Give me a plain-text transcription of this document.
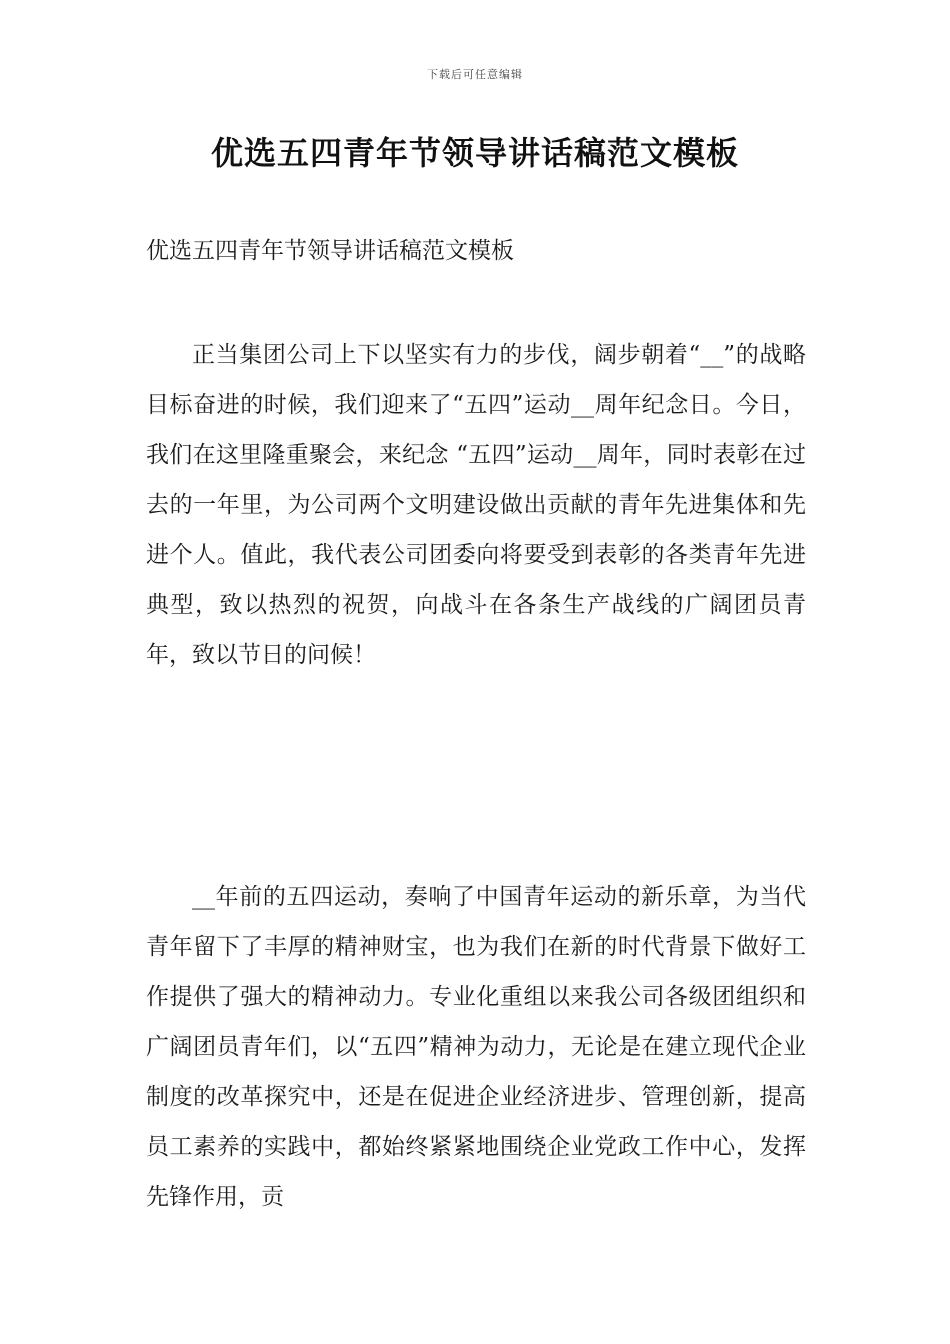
下载后可任意编辑
优选五四青年节领导讲话稿范文模板

优选五四青年节领导讲话稿范文模板

正当集团公司上下以坚实有力的步伐，阔步朝着“__”的战略目标奋进的时候，我们迎来了“五四”运动__周年纪念日。今日，我们在这里隆重聚会，来纪念 “五四”运动__周年，同时表彰在过去的一年里，为公司两个文明建设做出贡献的青年先进集体和先进个人。值此，我代表公司团委向将要受到表彰的各类青年先进典型，致以热烈的祝贺，向战斗在各条生产战线的广阔团员青年，致以节日的问候！

__年前的五四运动，奏响了中国青年运动的新乐章，为当代青年留下了丰厚的精神财宝，也为我们在新的时代背景下做好工作提供了强大的精神动力。专业化重组以来我公司各级团组织和广阔团员青年们，以“五四”精神为动力，无论是在建立现代企业制度的改革探究中，还是在促进企业经济进步、管理创新，提高员工素养的实践中，都始终紧紧地围绕企业党政工作中心，发挥先锋作用，贡
